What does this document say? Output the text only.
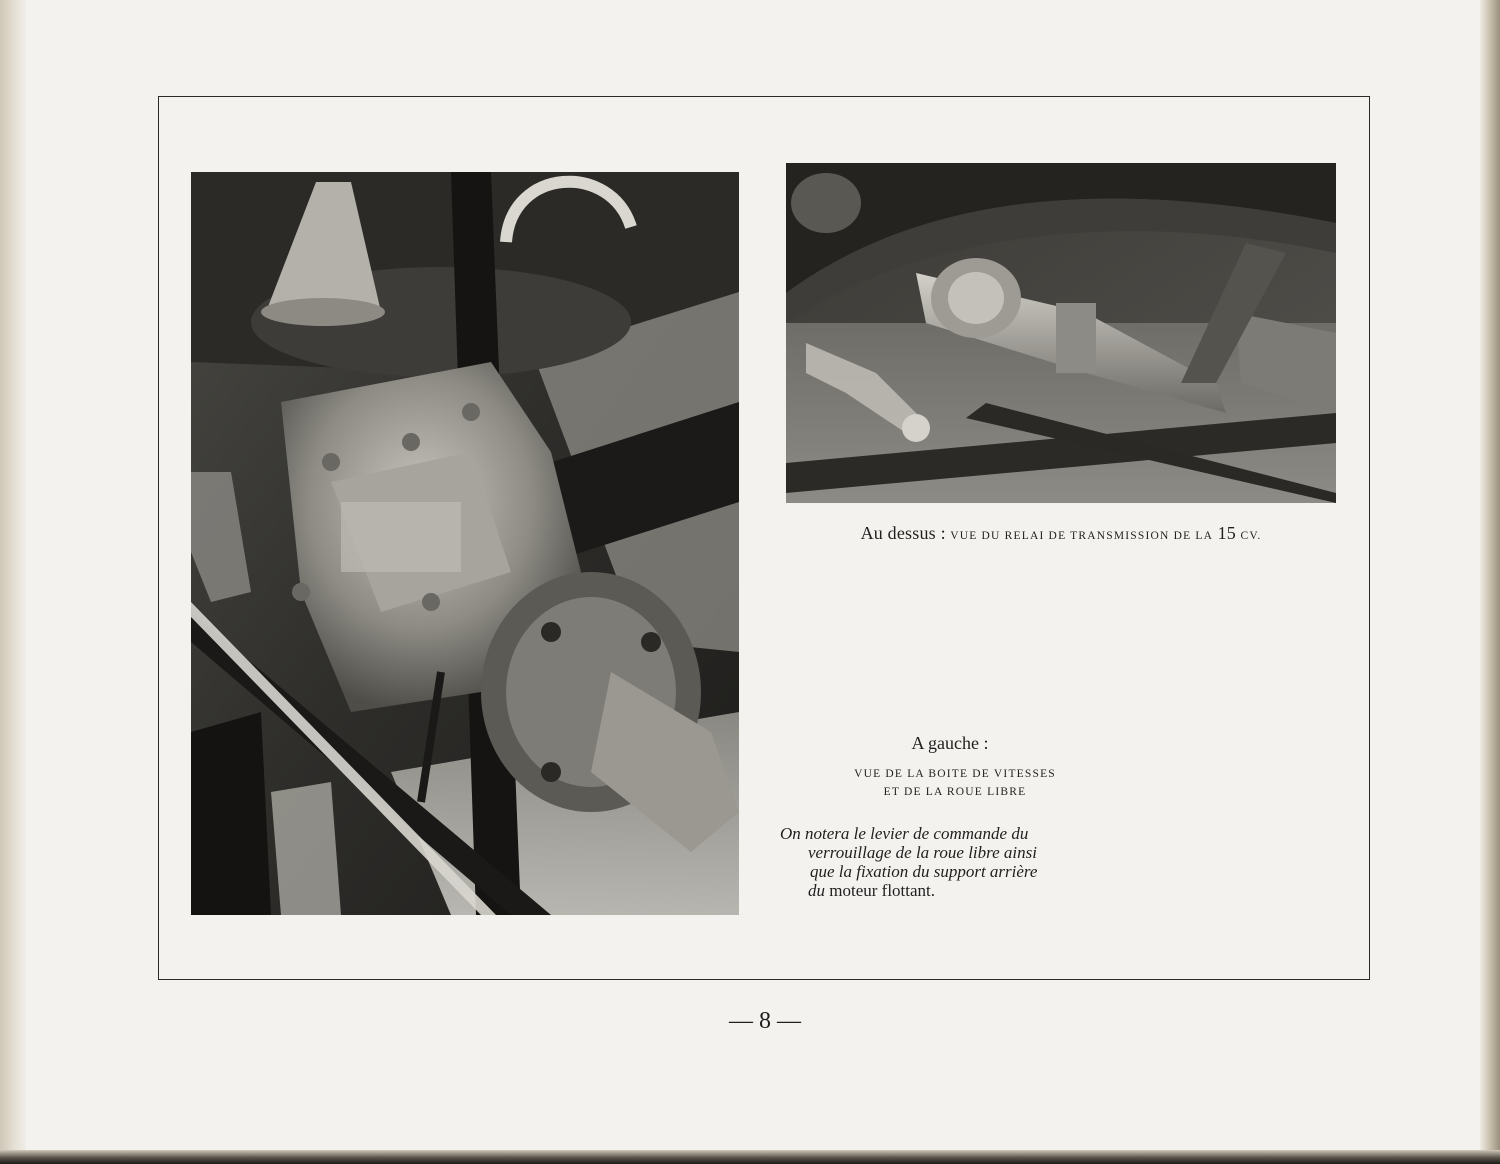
Au dessus : VUE DU RELAI DE TRANSMISSION DE LA 15 CV.
A gauche :
VUE DE LA BOITE DE VITESSES
ET DE LA ROUE LIBRE
On notera le levier de commande du
verrouillage de la roue libre ainsi
que la fixation du support arrière
du moteur flottant.
— 8 —
